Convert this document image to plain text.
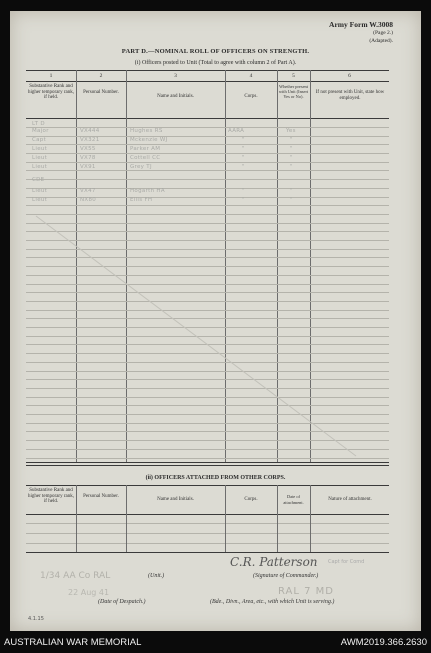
Army Form W.3008
(Page 2.)
(Adapted).
PART D.—NOMINAL ROLL OF OFFICERS ON STRENGTH.
(i) Officers posted to Unit (Total to agree with column 2 of Part A).
1	2	3	4	5	6
Substantive Rank and higher temporary rank, if held.
Personal Number.
Name and Initials.	Corps.
Whether present with Unit (Insert Yes or No).
If not present with Unit, state how employed.
LT D
Major	VX444	Hughes RS	AARA	Yes
Capt	VX321	Mckenzie WJ	"	"
Lieut	VX55	Parker AM	"	"
Lieut	VX78	Cottell CC	"	"
Lieut	VX91	Grey TJ	"	"
CDE
Lieut	VX47	Hogarth HA	"	"
Lieut	NX80	Ellis FH	"	"
(ii) OFFICERS ATTACHED FROM OTHER CORPS.
Substantive Rank and higher temporary rank, if held.
Personal Number.
Name and Initials.	Corps.
Date of attachment.
Nature of attachment.
1/34 AA Co RAL	(Unit.)
C.R. Patterson Capt for Comd
(Signature of Commander.)
22 Aug 41
(Date of Despatch.)
RAL 7 MD
(Bde., Divn., Area, etc., with which Unit is serving.)
4.1.15
AUSTRALIAN WAR MEMORIAL	AWM2019.366.2630
